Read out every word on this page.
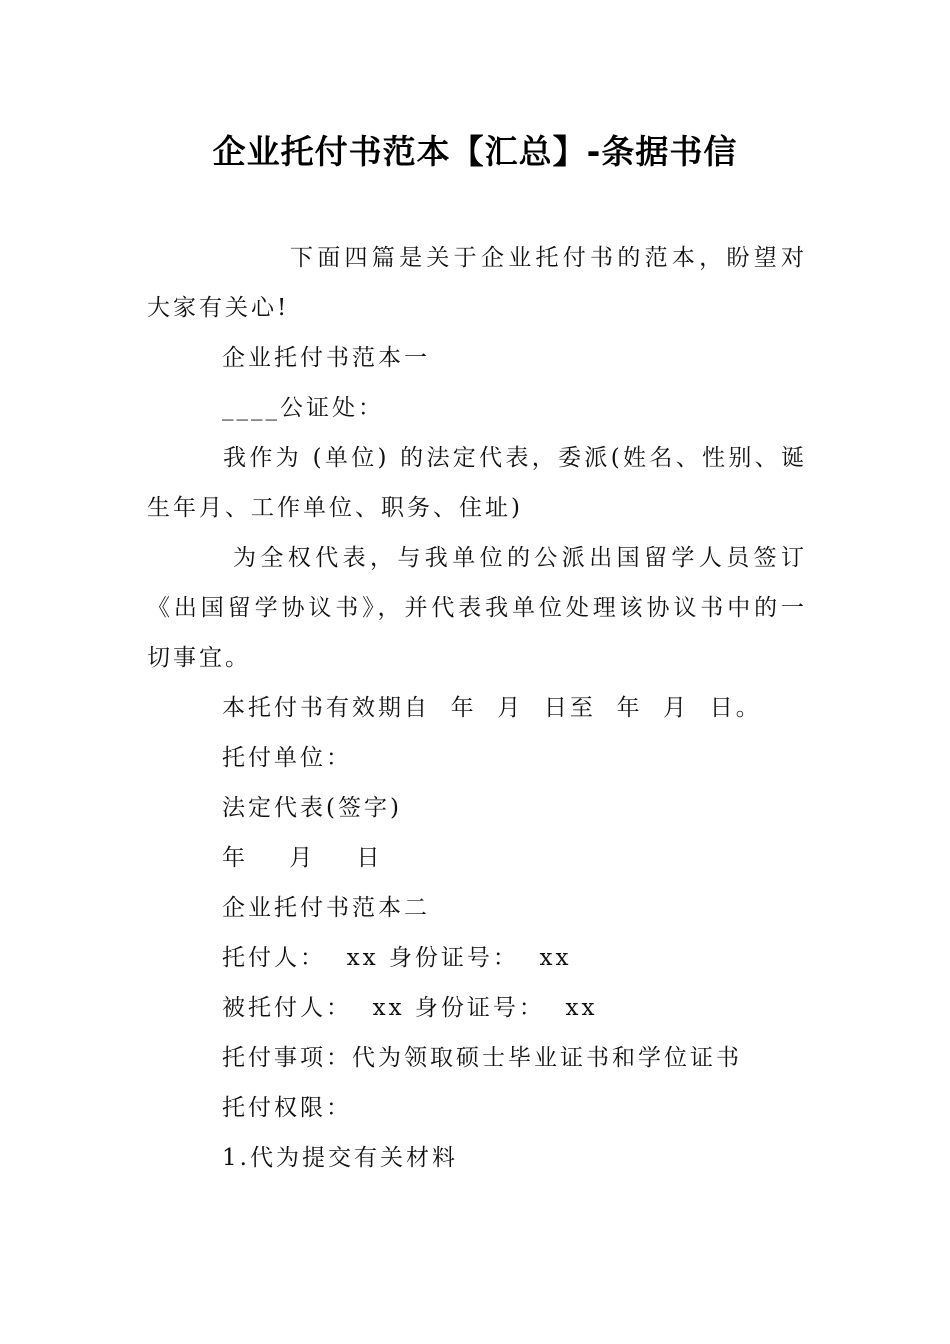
企业托付书范本【汇总】-条据书信

下面四篇是关于企业托付书的范本，盼望对大家有关心!

企业托付书范本一

____公证处：

我作为 (单位) 的法定代表，委派(姓名、性别、诞生年月、工作单位、职务、住址)

为全权代表，与我单位的公派出国留学人员签订《出国留学协议书》，并代表我单位处理该协议书中的一切事宜。

本托付书有效期自  年  月  日至  年  月  日。

托付单位：

法定代表(签字)

年    月    日

企业托付书范本二

托付人：  xx 身份证号：  xx

被托付人：  xx 身份证号：  xx

托付事项：代为领取硕士毕业证书和学位证书

托付权限：

1.代为提交有关材料
